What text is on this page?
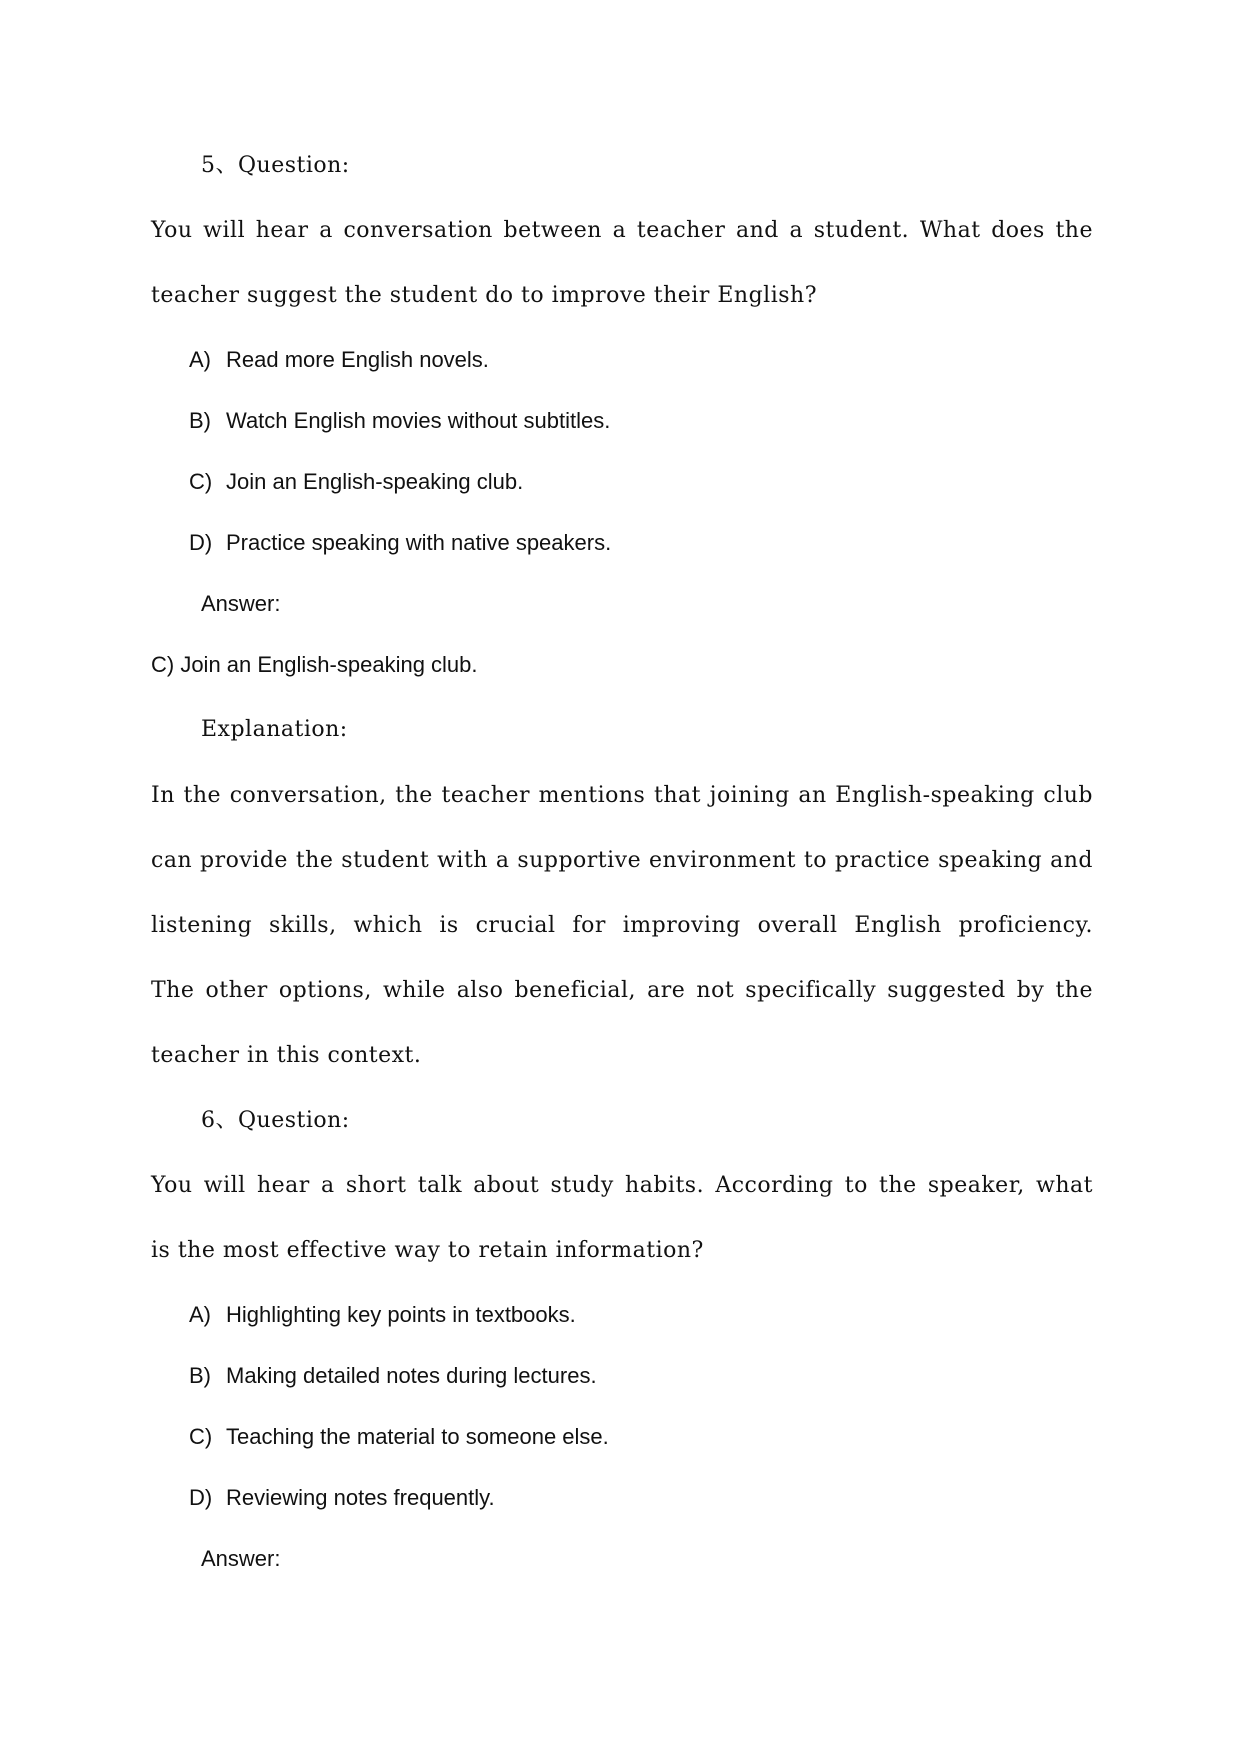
5、Question:
You will hear a conversation between a teacher and a student. What does the
teacher suggest the student do to improve their English?
A) Read more English novels.
B) Watch English movies without subtitles.
C) Join an English-speaking club.
D) Practice speaking with native speakers.
Answer:
C) Join an English-speaking club.
Explanation:
In the conversation, the teacher mentions that joining an English-speaking club
can provide the student with a supportive environment to practice speaking and
listening skills, which is crucial for improving overall English proficiency.
The other options, while also beneficial, are not specifically suggested by the
teacher in this context.
6、Question:
You will hear a short talk about study habits. According to the speaker, what
is the most effective way to retain information?
A) Highlighting key points in textbooks.
B) Making detailed notes during lectures.
C) Teaching the material to someone else.
D) Reviewing notes frequently.
Answer:
